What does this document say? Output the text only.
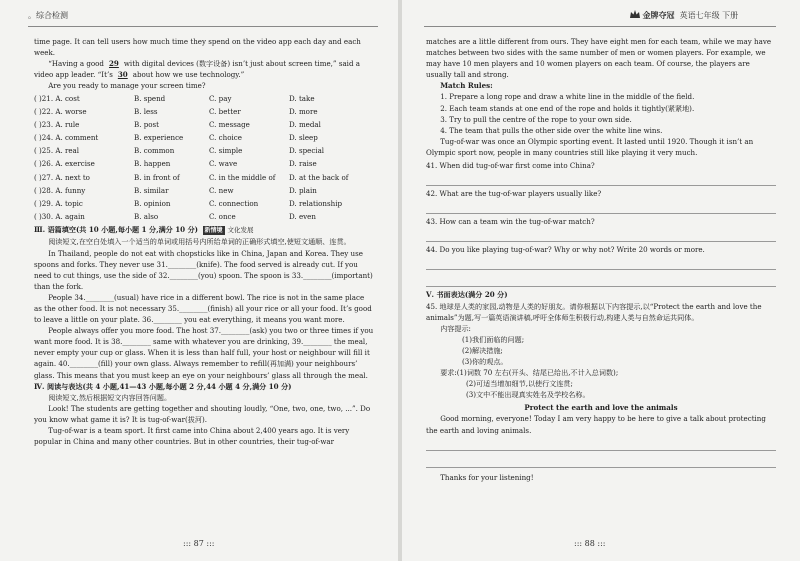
。综合检测

time page. It can tell users how much time they spend on the video app each day and each week.

“Having a good 29 with digital devices (数字设备) isn’t just about screen time,” said a video app leader. “It’s 30 about how we use technology.”

Are you ready to manage your screen time?

( )21. A. cost	B. spend	C. pay	D. take
( )22. A. worse	B. less	C. better	D. more
( )23. A. rule	B. post	C. message	D. medal
( )24. A. comment	B. experience	C. choice	D. sleep
( )25. A. real	B. common	C. simple	D. special
( )26. A. exercise	B. happen	C. wave	D. raise
( )27. A. next to	B. in front of	C. in the middle of	D. at the back of
( )28. A. funny	B. similar	C. new	D. plain
( )29. A. topic	B. opinion	C. connection	D. relationship
( )30. A. again	B. also	C. once	D. even

Ⅲ. 语篇填空(共 10 小题,每小题 1 分,满分 10 分) 新情境 文化发展

阅读短文,在空白处填入一个适当的单词或用括号内所给单词的正确形式填空,使短文通顺、连贯。

In Thailand, people do not eat with chopsticks like in China, Japan and Korea. They use spoons and forks. They never use 31.________(knife). The food served is already cut. If you need to cut things, use the side of 32.________(you) spoon. The spoon is 33.________(important) than the fork.

People 34.________(usual) have rice in a different bowl. The rice is not in the same place as the other food. It is not necessary 35.________(finish) all your rice or all your food. It’s good to leave a little on your plate. 36.________ you eat everything, it means you want more.

People always offer you more food. The host 37.________(ask) you two or three times if you want more food. It is 38.________ same with whatever you are drinking, 39.________ the meal, never empty your cup or glass. When it is less than half full, your host or neighbour will fill it again. 40.________(fill) your own glass. Always remember to refill(再加满) your neighbours’ glass. This means that you must keep an eye on your neighbours’ glass all through the meal.

Ⅳ. 阅读与表达(共 4 小题,41—43 小题,每小题 2 分,44 小题 4 分,满分 10 分)

阅读短文,然后根据短文内容回答问题。

Look! The students are getting together and shouting loudly, “One, two, one, two, ...”. Do you know what game it is? It is tug-of-war(拔河).

Tug-of-war is a team sport. It first came into China about 2,400 years ago. It is very popular in China and many other countries. But in other countries, their tug-of-war

::: 87 :::
金牌夺冠 英语七年级 下册

matches are a little different from ours. They have eight men for each team, while we may have matches between two sides with the same number of men or women players. For example, we may have 10 men players and 10 women players on each team. Of course, the players are usually tall and strong.

Match Rules:

1. Prepare a long rope and draw a white line in the middle of the field.

2. Each team stands at one end of the rope and holds it tightly(紧紧地).

3. Try to pull the centre of the rope to your own side.

4. The team that pulls the other side over the white line wins.

Tug-of-war was once an Olympic sporting event. It lasted until 1920. Though it isn’t an Olympic sport now, people in many countries still like playing it very much.

41. When did tug-of-war first come into China?

42. What are the tug-of-war players usually like?

43. How can a team win the tug-of-war match?

44. Do you like playing tug-of-war? Why or why not? Write 20 words or more.

Ⅴ. 书面表达(满分 20 分)

45. 地球是人类的家园,动物是人类的好朋友。请你根据以下内容提示,以“Protect the earth and love the animals”为题,写一篇英语演讲稿,呼吁全体师生积极行动,构建人类与自然命运共同体。

内容提示:

(1)我们面临的问题;

(2)解决措施;

(3)你的观点。

要求:(1)词数 70 左右(开头、结尾已给出,不计入总词数);

(2)可适当增加细节,以使行文连贯;

(3)文中不能出现真实姓名及学校名称。

Protect the earth and love the animals

Good morning, everyone! Today I am very happy to be here to give a talk about protecting the earth and loving animals.

Thanks for your listening!

::: 88 :::
